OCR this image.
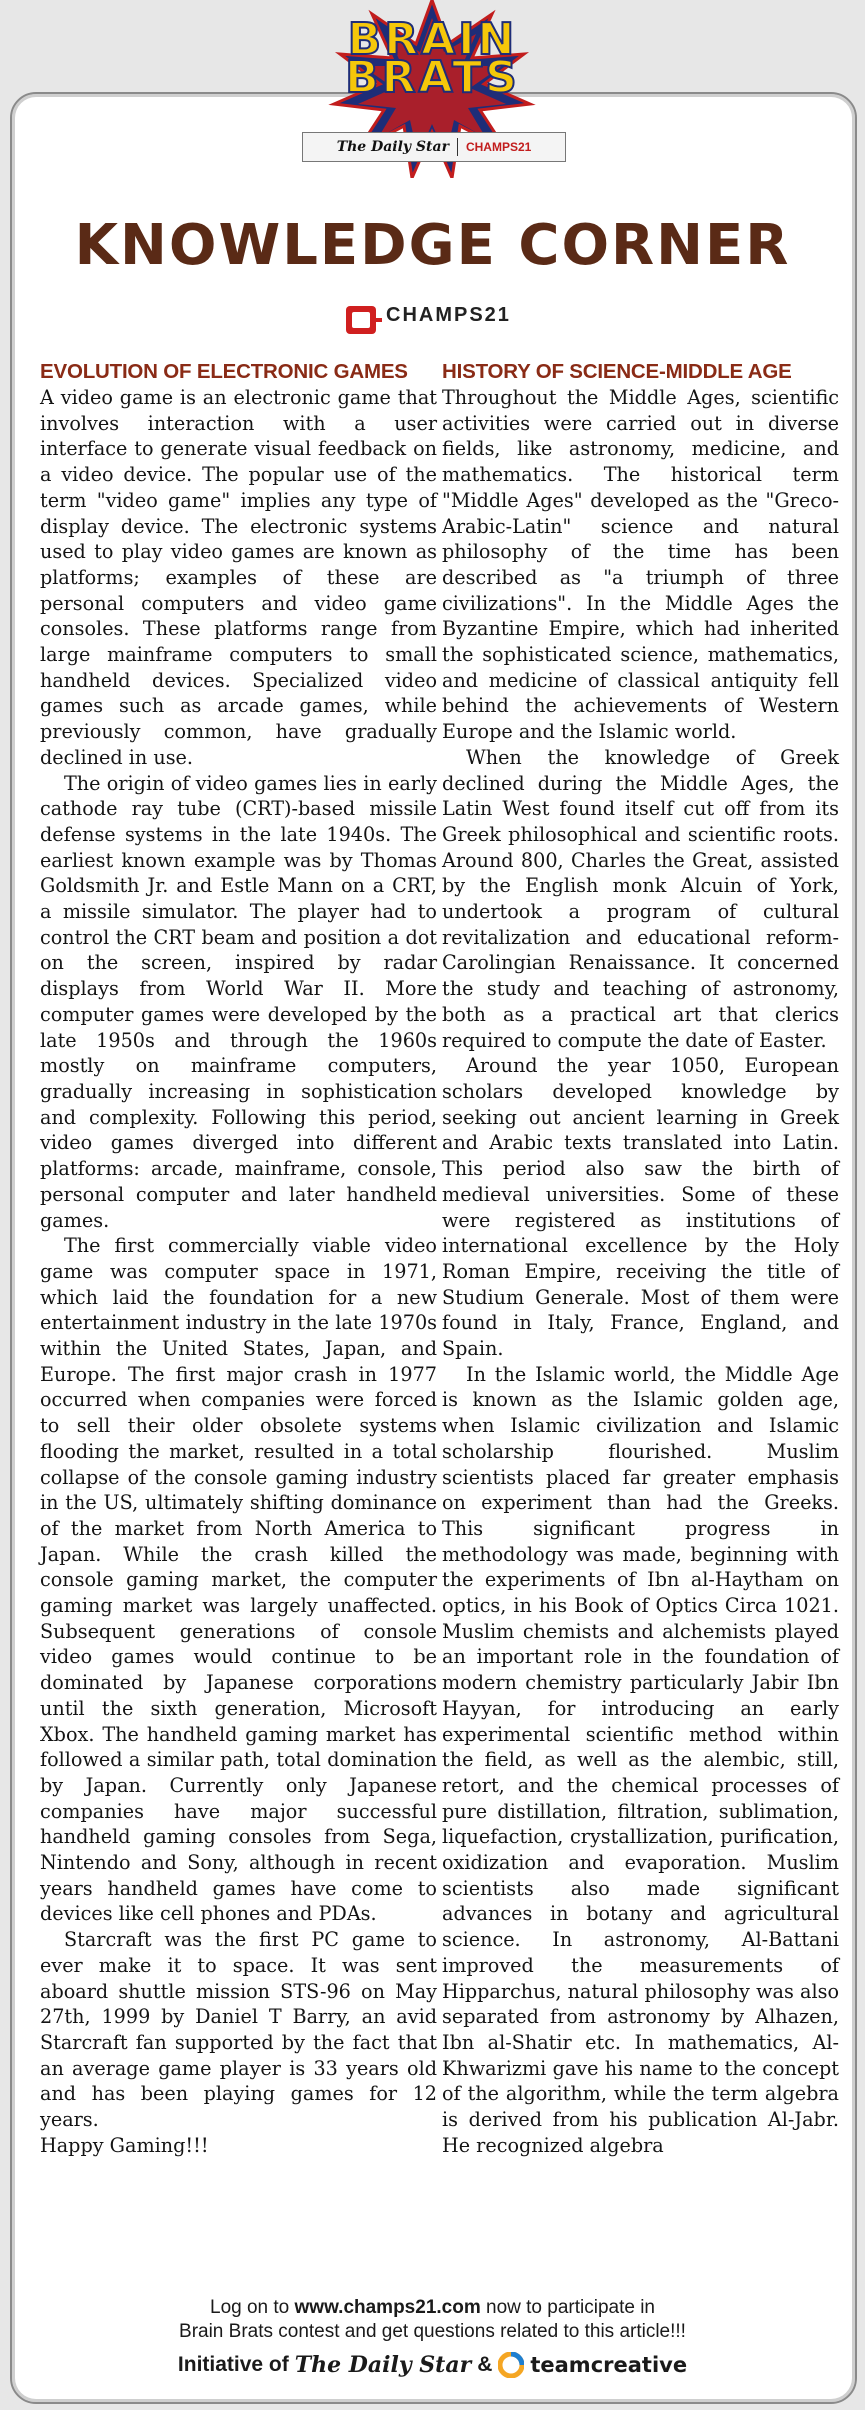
BRAIN
BRATS
The Daily Star CHAMPS21
KNOWLEDGE CORNER
CHAMPS21
EVOLUTION OF ELECTRONIC GAMES

A video game is an electronic game that involves interaction with a user interface to generate visual feedback on a video device. The popular use of the term "video game" implies any type of display device. The electronic systems used to play video games are known as platforms; examples of these are personal computers and video game consoles. These platforms range from large mainframe computers to small handheld devices. Specialized video games such as arcade games, while previously common, have gradually declined in use.

The origin of video games lies in early cathode ray tube (CRT)-based missile defense systems in the late 1940s. The earliest known example was by Thomas Goldsmith Jr. and Estle Mann on a CRT, a missile simulator. The player had to control the CRT beam and position a dot on the screen, inspired by radar displays from World War II. More computer games were developed by the late 1950s and through the 1960s mostly on mainframe computers, gradually increasing in sophistication and complexity. Following this period, video games diverged into different platforms: arcade, mainframe, console, personal computer and later handheld games.

The first commercially viable video game was computer space in 1971, which laid the foundation for a new entertainment industry in the late 1970s within the United States, Japan, and Europe. The first major crash in 1977 occurred when companies were forced to sell their older obsolete systems flooding the market, resulted in a total collapse of the console gaming industry in the US, ultimately shifting dominance of the market from North America to Japan. While the crash killed the console gaming market, the computer gaming market was largely unaffected. Subsequent generations of console video games would continue to be dominated by Japanese corporations until the sixth generation, Microsoft Xbox. The handheld gaming market has followed a similar path, total domination by Japan. Currently only Japanese companies have major successful handheld gaming consoles from Sega, Nintendo and Sony, although in recent years handheld games have come to devices like cell phones and PDAs.

Starcraft was the first PC game to ever make it to space. It was sent aboard shuttle mission STS-96 on May 27th, 1999 by Daniel T Barry, an avid Starcraft fan supported by the fact that an average game player is 33 years old and has been playing games for 12 years.

Happy Gaming!!!

HISTORY OF SCIENCE-MIDDLE AGE

Throughout the Middle Ages, scientific activities were carried out in diverse fields, like astronomy, medicine, and mathematics. The historical term "Middle Ages" developed as the "Greco-Arabic-Latin" science and natural philosophy of the time has been described as "a triumph of three civilizations". In the Middle Ages the Byzantine Empire, which had inherited the sophisticated science, mathematics, and medicine of classical antiquity fell behind the achievements of Western Europe and the Islamic world.

When the knowledge of Greek declined during the Middle Ages, the Latin West found itself cut off from its Greek philosophical and scientific roots. Around 800, Charles the Great, assisted by the English monk Alcuin of York, undertook a program of cultural revitalization and educational reform-Carolingian Renaissance. It concerned the study and teaching of astronomy, both as a practical art that clerics required to compute the date of Easter.

Around the year 1050, European scholars developed knowledge by seeking out ancient learning in Greek and Arabic texts translated into Latin. This period also saw the birth of medieval universities. Some of these were registered as institutions of international excellence by the Holy Roman Empire, receiving the title of Studium Generale. Most of them were found in Italy, France, England, and Spain.

In the Islamic world, the Middle Age is known as the Islamic golden age, when Islamic civilization and Islamic scholarship flourished. Muslim scientists placed far greater emphasis on experiment than had the Greeks. This significant progress in methodology was made, beginning with the experiments of Ibn al-Haytham on optics, in his Book of Optics Circa 1021. Muslim chemists and alchemists played an important role in the foundation of modern chemistry particularly Jabir Ibn Hayyan, for introducing an early experimental scientific method within the field, as well as the alembic, still, retort, and the chemical processes of pure distillation, filtration, sublimation, liquefaction, crystallization, purification, oxidization and evaporation. Muslim scientists also made significant advances in botany and agricultural science. In astronomy, Al-Battani improved the measurements of Hipparchus, natural philosophy was also separated from astronomy by Alhazen, Ibn al-Shatir etc. In mathematics, Al-Khwarizmi gave his name to the concept of the algorithm, while the term algebra is derived from his publication Al-Jabr. He recognized algebra

Log on to www.champs21.com now to participate in
Brain Brats contest and get questions related to this article!!!
Initiative of The Daily Star & teamcreative
